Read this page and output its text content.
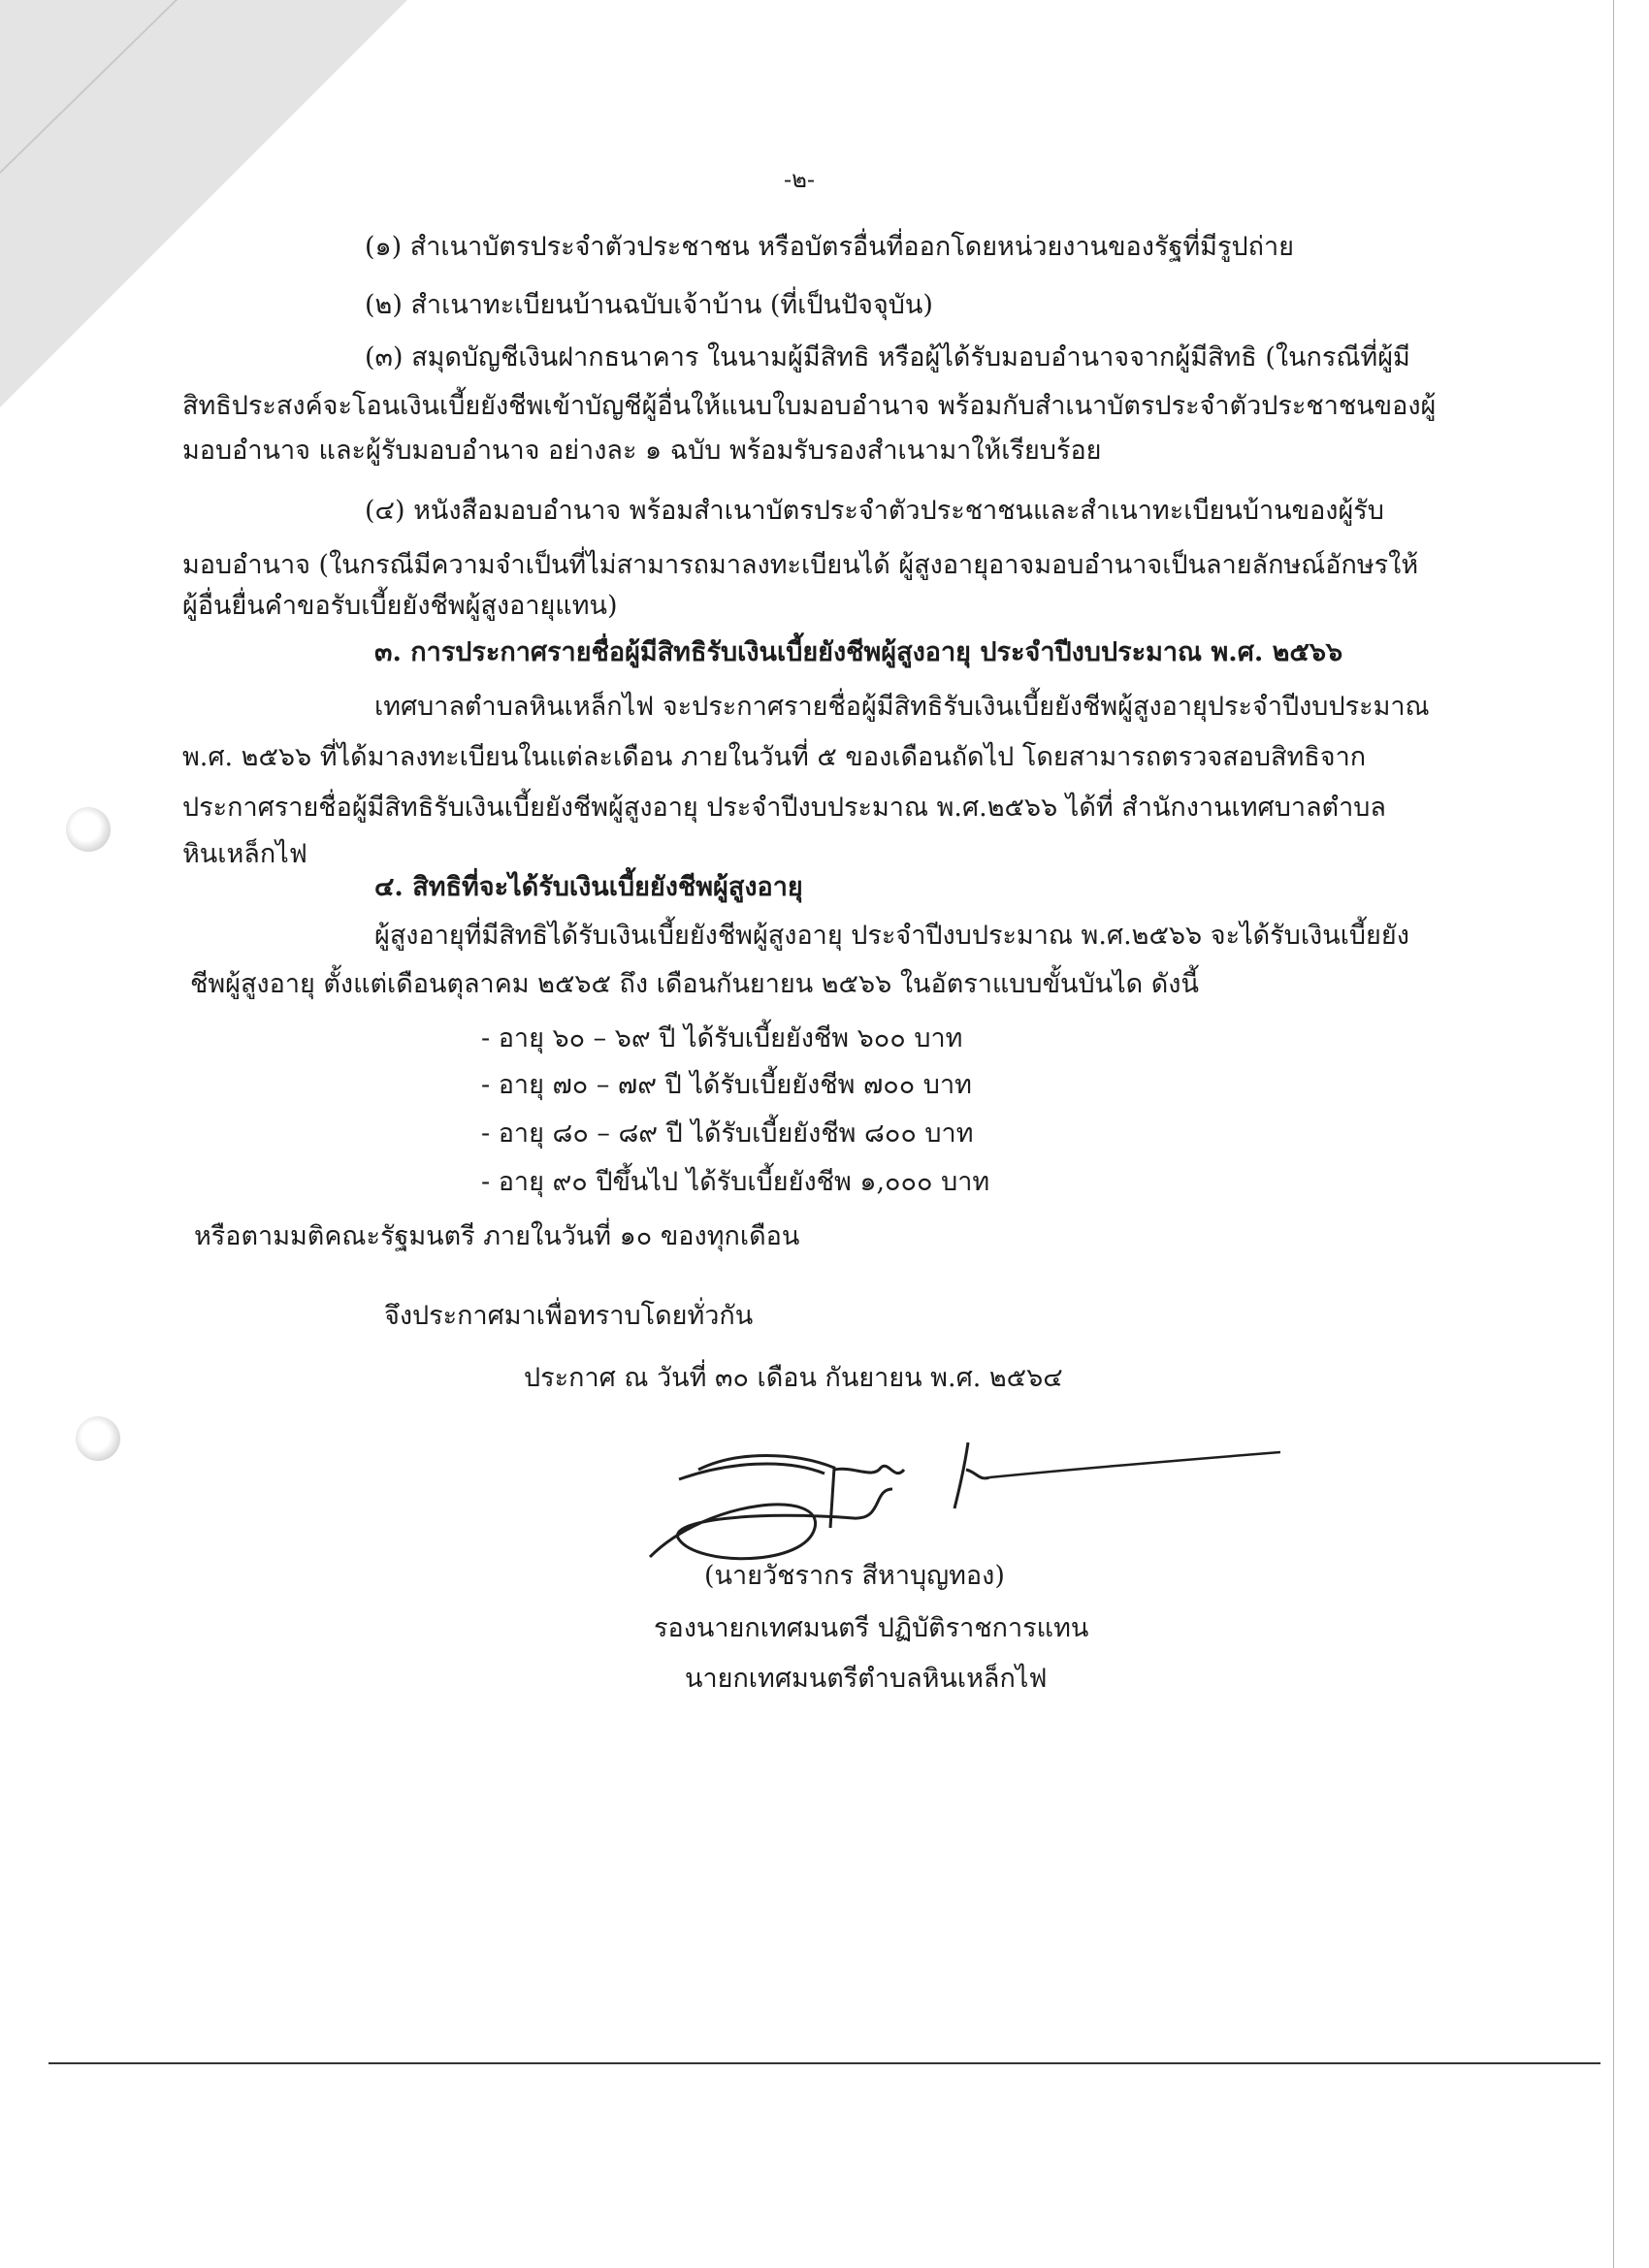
-๒-
(๑) สำเนาบัตรประจำตัวประชาชน หรือบัตรอื่นที่ออกโดยหน่วยงานของรัฐที่มีรูปถ่าย
(๒) สำเนาทะเบียนบ้านฉบับเจ้าบ้าน (ที่เป็นปัจจุบัน)
(๓) สมุดบัญชีเงินฝากธนาคาร ในนามผู้มีสิทธิ หรือผู้ได้รับมอบอำนาจจากผู้มีสิทธิ (ในกรณีที่ผู้มี
สิทธิประสงค์จะโอนเงินเบี้ยยังชีพเข้าบัญชีผู้อื่นให้แนบใบมอบอำนาจ พร้อมกับสำเนาบัตรประจำตัวประชาชนของผู้
มอบอำนาจ และผู้รับมอบอำนาจ อย่างละ ๑ ฉบับ พร้อมรับรองสำเนามาให้เรียบร้อย
(๔) หนังสือมอบอำนาจ พร้อมสำเนาบัตรประจำตัวประชาชนและสำเนาทะเบียนบ้านของผู้รับ
มอบอำนาจ (ในกรณีมีความจำเป็นที่ไม่สามารถมาลงทะเบียนได้ ผู้สูงอายุอาจมอบอำนาจเป็นลายลักษณ์อักษรให้
ผู้อื่นยื่นคำขอรับเบี้ยยังชีพผู้สูงอายุแทน)
๓. การประกาศรายชื่อผู้มีสิทธิรับเงินเบี้ยยังชีพผู้สูงอายุ ประจำปีงบประมาณ พ.ศ. ๒๕๖๖
เทศบาลตำบลหินเหล็กไฟ จะประกาศรายชื่อผู้มีสิทธิรับเงินเบี้ยยังชีพผู้สูงอายุประจำปีงบประมาณ
พ.ศ. ๒๕๖๖ ที่ได้มาลงทะเบียนในแต่ละเดือน ภายในวันที่ ๕ ของเดือนถัดไป โดยสามารถตรวจสอบสิทธิจาก
ประกาศรายชื่อผู้มีสิทธิรับเงินเบี้ยยังชีพผู้สูงอายุ ประจำปีงบประมาณ พ.ศ.๒๕๖๖ ได้ที่ สำนักงานเทศบาลตำบล
หินเหล็กไฟ
๔. สิทธิที่จะได้รับเงินเบี้ยยังชีพผู้สูงอายุ
ผู้สูงอายุที่มีสิทธิได้รับเงินเบี้ยยังชีพผู้สูงอายุ ประจำปีงบประมาณ พ.ศ.๒๕๖๖ จะได้รับเงินเบี้ยยัง
ชีพผู้สูงอายุ ตั้งแต่เดือนตุลาคม ๒๕๖๕ ถึง เดือนกันยายน ๒๕๖๖ ในอัตราแบบขั้นบันได ดังนี้
- อายุ ๖๐ – ๖๙ ปี ได้รับเบี้ยยังชีพ ๖๐๐ บาท
- อายุ ๗๐ – ๗๙ ปี ได้รับเบี้ยยังชีพ ๗๐๐ บาท
- อายุ ๘๐ – ๘๙ ปี ได้รับเบี้ยยังชีพ ๘๐๐ บาท
- อายุ ๙๐ ปีขึ้นไป ได้รับเบี้ยยังชีพ ๑,๐๐๐ บาท
หรือตามมติคณะรัฐมนตรี ภายในวันที่ ๑๐ ของทุกเดือน
จึงประกาศมาเพื่อทราบโดยทั่วกัน
ประกาศ ณ วันที่ ๓๐ เดือน กันยายน พ.ศ. ๒๕๖๔
(นายวัชรากร สีหาบุญทอง)
รองนายกเทศมนตรี ปฏิบัติราชการแทน
นายกเทศมนตรีตำบลหินเหล็กไฟ
